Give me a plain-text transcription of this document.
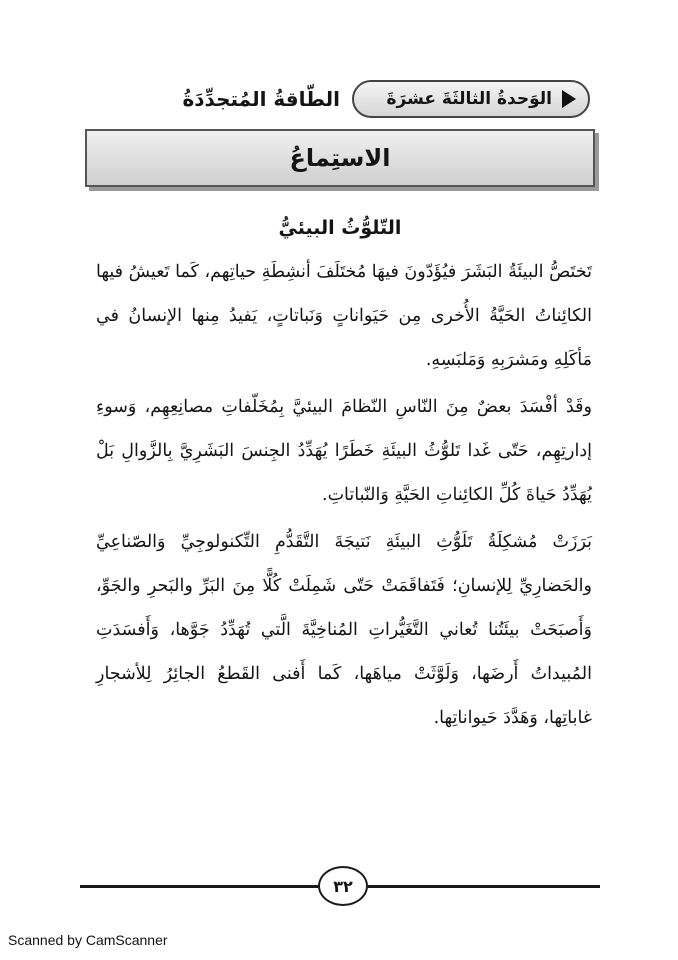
الوَحدةُ الثالثَةَ عشرَةَ
الطّاقةُ المُتجدِّدَةُ
الاستِماعُ
التّلوُّثُ البيئيُّ

تَختَصُّ البيئَةُ البَشَرَ فيُؤَدّونَ فيهَا مُختَلَفَ أنشِطَةِ حياتِهم، كَما تَعيشُ فيها الكائِناتُ الحَيَّةُ الأُخرى مِن حَيَواناتٍ وَنَباتاتٍ، يَفيدُ مِنها الإنسانُ في مَأكَلِهِ ومَشرَبِهِ وَمَلبَسِهِ.

وقَدْ أفْسَدَ بعضٌ مِنَ النّاسِ النّظامَ البيئيَّ بِمُخَلّفاتِ مصانِعِهِم، وَسوءِ إدارتِهِم، حَتّى غَدا تَلوُّثُ البيئَةِ خَطَرًا يُهَدِّدُ الجِنسَ البَشَرِيَّ بِالزَّوالِ بَلْ يُهَدِّدُ حَياةَ كُلِّ الكائِناتِ الحَيَّةِ وَالنّباتاتِ.

بَرَزَتْ مُشكِلَةُ تَلَوُّثِ البيئَةِ نَتيجَةَ التَّقَدُّمِ التِّكنولوجِيِّ وَالصّناعِيِّ والحَضارِيِّ لِلإنسانِ؛ فَتَفاقَمَتْ حَتّى شَمِلَتْ كُلًّا مِنَ البَرِّ والبَحرِ والجَوِّ، وَأَصبَحَتْ بيئَتُنا تُعاني التَّغَيُّراتِ المُناخِيَّةَ الَّتي تُهَدِّدُ جَوَّها، وَأَفسَدَتِ المُبيداتُ أَرضَها، وَلَوَّثَتْ مياهَها، كَما أَفنى القَطعُ الجائِرُ لِلأشجارِ غاباتِها، وَهَدَّدَ حَيواناتِها.

٣٢
Scanned by CamScanner
